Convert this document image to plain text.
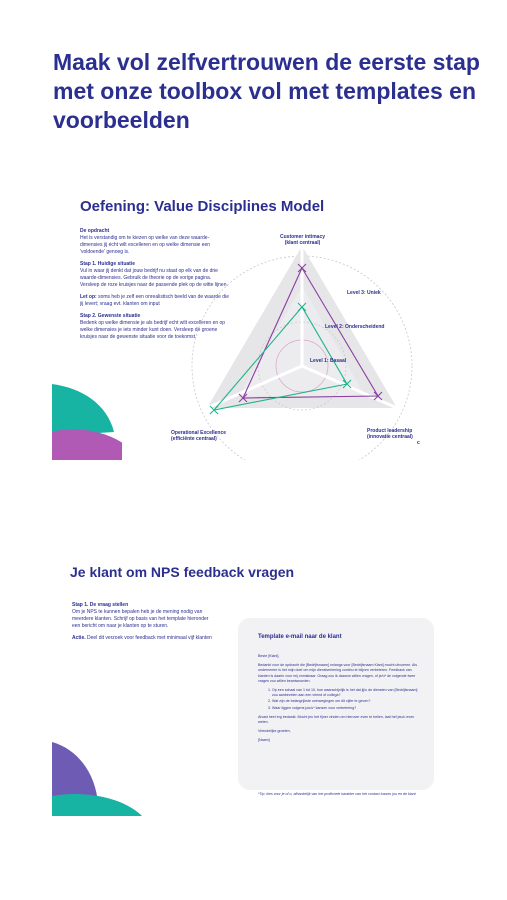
Maak vol zelfvertrouwen de eerste stap met onze toolbox vol met templates en voorbeelden
Oefening: Value Disciplines Model
De opdracht
Het is verstandig om te kiezen op welke van deze waarde-dimensies jij écht wilt excelleren en op welke dimensie een 'voldoende' genoeg is.
Stap 1. Huidige situatie
Vul in waar jij denkt dat jouw bedrijf nu staat op elk van de drie waarde-dimensies. Gebruik de theorie op de vorige pagina. Versleep de roze kruisjes naar de passende plek op de witte lijnen.
Let op: soms heb je zelf een onrealistisch beeld van de waarde die jij levert; vraag evt. klanten om input
Stap 2. Gewenste situatie
Bedenk op welke dimensie je als bedrijf echt wilt excelleren en op welke dimensies je iets minder kunt doen. Versleep de groene kruisjes naar de gewenste situatie voor de toekomst.
Customer intimacy
(klant centraal)
Level 3: Uniek
Level 2: Onderscheidend
Level 1: Basaal
Operational Excellence
(efficiënte centraal)
Product leadership
(innovatie centraal)
c
Je klant om NPS feedback vragen
Stap 1. De vraag stellen
Om je NPS te kunnen bepalen heb je de mening nodig van meerdere klanten. Schrijf op basis van het template hieronder een bericht om naar je klanten op te sturen.
Actie. Deel dit verzoek voor feedback met minimaal vijf klanten	Template e-mail naar de klant

Beste [Klant],

Bedankt voor de opdracht die [Bedrijfsnaam] onlangs voor [Bedrijfsnaam Klant] mocht uitvoeren. Als ondernemer is het mijn doel om mijn dienstverlening continu te blijven verbeteren. Feedback van klanten is daarin voor mij onmisbaar. Graag zou ik daarom willen vragen, of je/u* de volgende twee vragen zou willen beantwoorden.

1. Op een schaal van 1 tot 10, hoe waarschijnlijk is het dat jij/u de diensten van [Bedrijfsnaam] zou aanbevelen aan een vriend of collega?
2. Wat zijn de belangrijkste overwegingen om dit cijfer te geven?
3. Waar liggen volgens jou/u* kansen voor verbetering?

Alvast heel erg bedankt. Mocht jeu het fijner vinden om hierover even te bellen, laat het jeu/u even weten.

Vriendelijke groeten,

[Naam]

*Tip: kies voor je of u, afhankelijk van het profirmele karakter van het contact tussen jou en de klant
